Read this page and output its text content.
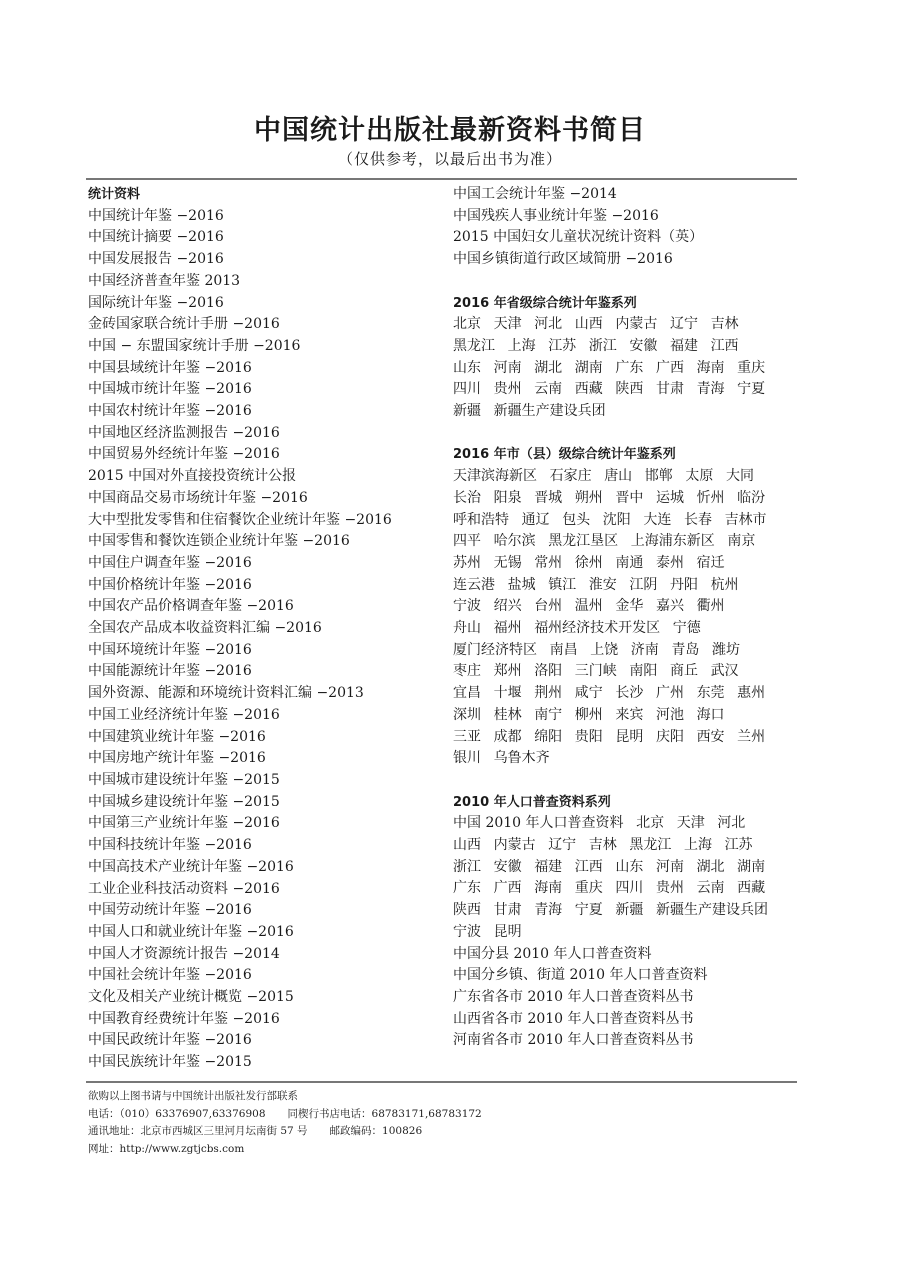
中国统计出版社最新资料书简目
（仅供参考，以最后出书为准）
统计资料
中国统计年鉴 −2016
中国统计摘要 −2016
中国发展报告 −2016
中国经济普查年鉴 2013
国际统计年鉴 −2016
金砖国家联合统计手册 −2016
中国 − 东盟国家统计手册 −2016
中国县域统计年鉴 −2016
中国城市统计年鉴 −2016
中国农村统计年鉴 −2016
中国地区经济监测报告 −2016
中国贸易外经统计年鉴 −2016
2015 中国对外直接投资统计公报
中国商品交易市场统计年鉴 −2016
大中型批发零售和住宿餐饮企业统计年鉴 −2016
中国零售和餐饮连锁企业统计年鉴 −2016
中国住户调查年鉴 −2016
中国价格统计年鉴 −2016
中国农产品价格调查年鉴 −2016
全国农产品成本收益资料汇编 −2016
中国环境统计年鉴 −2016
中国能源统计年鉴 −2016
国外资源、能源和环境统计资料汇编 −2013
中国工业经济统计年鉴 −2016
中国建筑业统计年鉴 −2016
中国房地产统计年鉴 −2016
中国城市建设统计年鉴 −2015
中国城乡建设统计年鉴 −2015
中国第三产业统计年鉴 −2016
中国科技统计年鉴 −2016
中国高技术产业统计年鉴 −2016
工业企业科技活动资料 −2016
中国劳动统计年鉴 −2016
中国人口和就业统计年鉴 −2016
中国人才资源统计报告 −2014
中国社会统计年鉴 −2016
文化及相关产业统计概览 −2015
中国教育经费统计年鉴 −2016
中国民政统计年鉴 −2016
中国民族统计年鉴 −2015
中国工会统计年鉴 −2014
中国残疾人事业统计年鉴 −2016
2015 中国妇女儿童状况统计资料（英）
中国乡镇街道行政区域简册 −2016
2016 年省级综合统计年鉴系列
北京 天津 河北 山西 内蒙古 辽宁 吉林
黑龙江 上海 江苏 浙江 安徽 福建 江西
山东 河南 湖北 湖南 广东 广西 海南 重庆
四川 贵州 云南 西藏 陕西 甘肃 青海 宁夏
新疆 新疆生产建设兵团
2016 年市（县）级综合统计年鉴系列
天津滨海新区 石家庄 唐山 邯郸 太原 大同
长治 阳泉 晋城 朔州 晋中 运城 忻州 临汾
呼和浩特 通辽 包头 沈阳 大连 长春 吉林市
四平 哈尔滨 黑龙江垦区 上海浦东新区 南京
苏州 无锡 常州 徐州 南通 泰州 宿迁
连云港 盐城 镇江 淮安 江阴 丹阳 杭州
宁波 绍兴 台州 温州 金华 嘉兴 衢州
舟山 福州 福州经济技术开发区 宁德
厦门经济特区 南昌 上饶 济南 青岛 潍坊
枣庄 郑州 洛阳 三门峡 南阳 商丘 武汉
宜昌 十堰 荆州 咸宁 长沙 广州 东莞 惠州
深圳 桂林 南宁 柳州 来宾 河池 海口
三亚 成都 绵阳 贵阳 昆明 庆阳 西安 兰州
银川 乌鲁木齐
2010 年人口普查资料系列
中国 2010 年人口普查资料 北京 天津 河北
山西 内蒙古 辽宁 吉林 黑龙江 上海 江苏
浙江 安徽 福建 江西 山东 河南 湖北 湖南
广东 广西 海南 重庆 四川 贵州 云南 西藏
陕西 甘肃 青海 宁夏 新疆 新疆生产建设兵团
宁波 昆明
中国分县 2010 年人口普查资料
中国分乡镇、街道 2010 年人口普查资料
广东省各市 2010 年人口普查资料丛书
山西省各市 2010 年人口普查资料丛书
河南省各市 2010 年人口普查资料丛书
欲购以上图书请与中国统计出版社发行部联系
电话：（010）63376907,63376908 同楔行书店电话：68783171,68783172
通讯地址：北京市西城区三里河月坛南街 57 号 邮政编码：100826
网址：http://www.zgtjcbs.com
